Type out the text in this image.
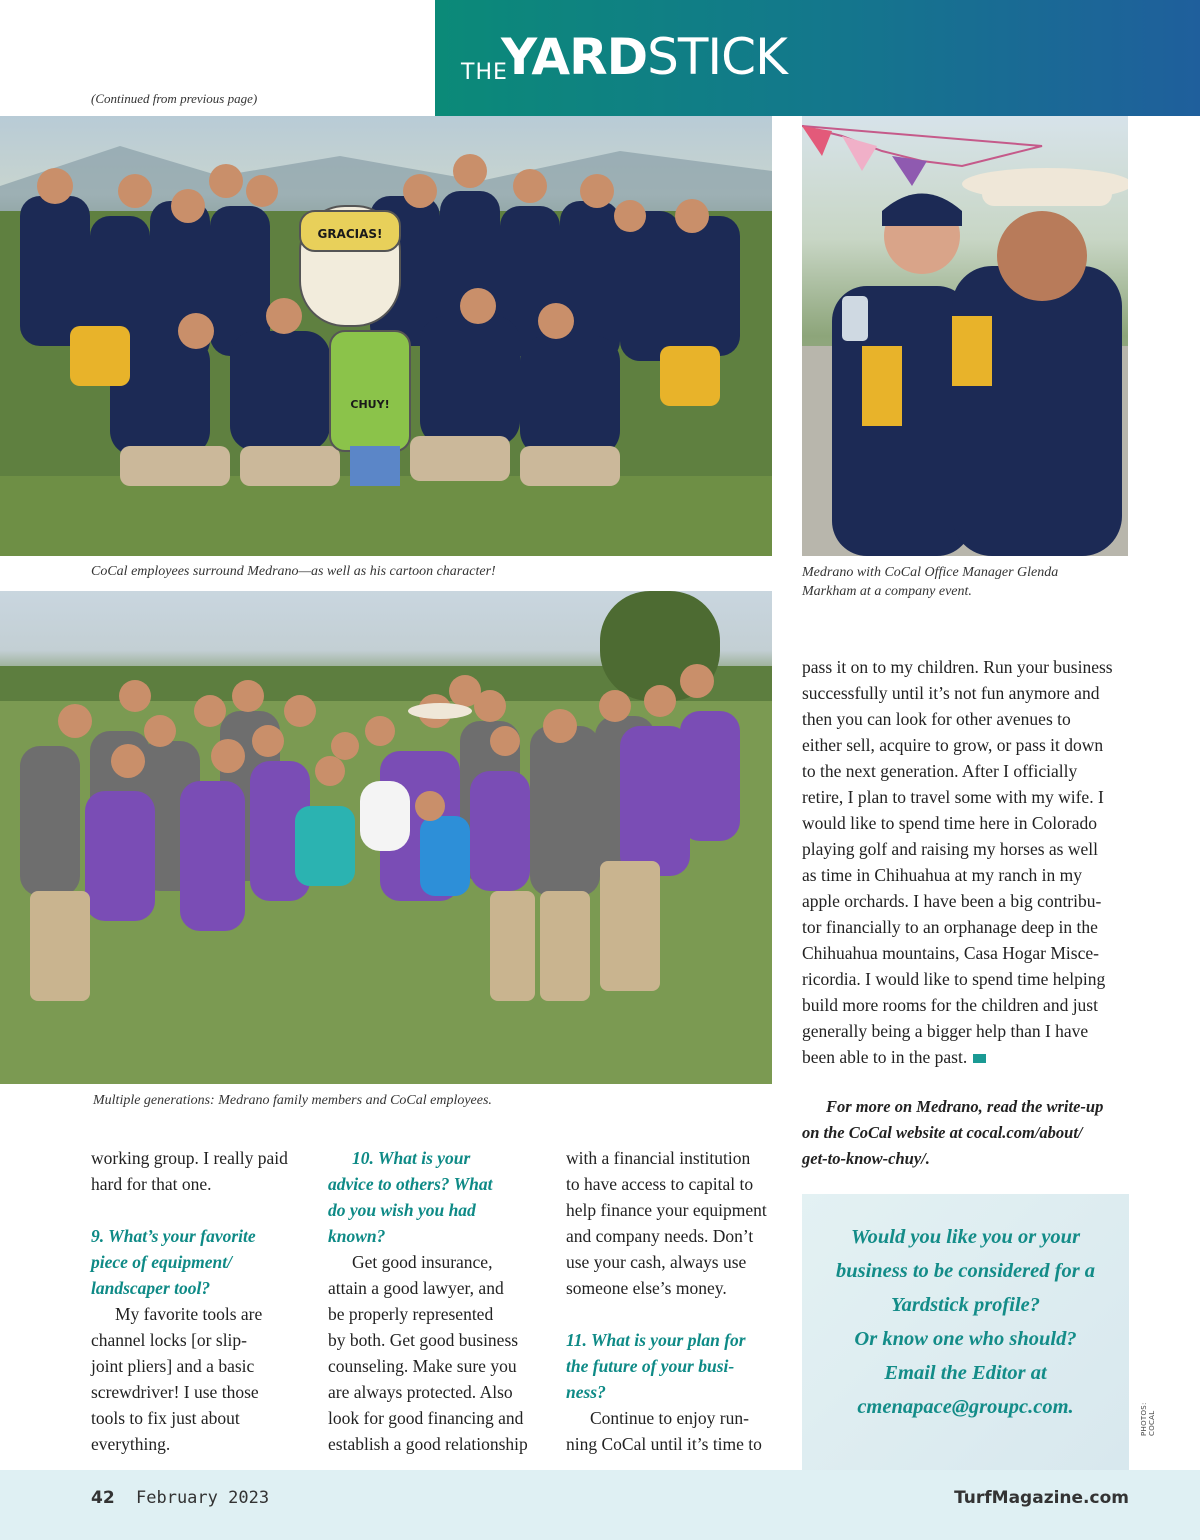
THE
YARDSTICK
(Continued from previous page)
GRACIAS!
CHUY!
CoCal employees surround Medrano—as well as his cartoon character!	Medrano with CoCal Office Manager Glenda
Markham at a company event.
Multiple generations: Medrano family members and CoCal employees.

working group. I really paid

hard for that one.

9. What’s your favorite

piece of equipment/

landscaper tool?

My favorite tools are

channel locks [or slip-

joint pliers] and a basic

screwdriver! I use those

tools to fix just about

everything.

10. What is your

advice to others? What

do you wish you had

known?

Get good insurance,

attain a good lawyer, and

be properly represented

by both. Get good business

counseling. Make sure you

are always protected. Also

look for good financing and

establish a good relationship

with a financial institution

to have access to capital to

help finance your equipment

and company needs. Don’t

use your cash, always use

someone else’s money.

11. What is your plan for

the future of your busi-

ness?

Continue to enjoy run-

ning CoCal until it’s time to

pass it on to my children. Run your business

successfully until it’s not fun anymore and

then you can look for other avenues to

either sell, acquire to grow, or pass it down

to the next generation. After I officially

retire, I plan to travel some with my wife. I

would like to spend time here in Colorado

playing golf and raising my horses as well

as time in Chihuahua at my ranch in my

apple orchards. I have been a big contribu-

tor financially to an orphanage deep in the

Chihuahua mountains, Casa Hogar Misce-

ricordia. I would like to spend time helping

build more rooms for the children and just

generally being a bigger help than I have

been able to in the past.

For more on Medrano, read the write-up
on the CoCal website at cocal.com/about/
get-to-know-chuy/.
Would you like you or your
business to be considered for a
Yardstick profile?
Or know one who should?
Email the Editor at
cmenapace@groupc.com.	PHOTOS: COCAL
42 February 2023	TurfMagazine.com
